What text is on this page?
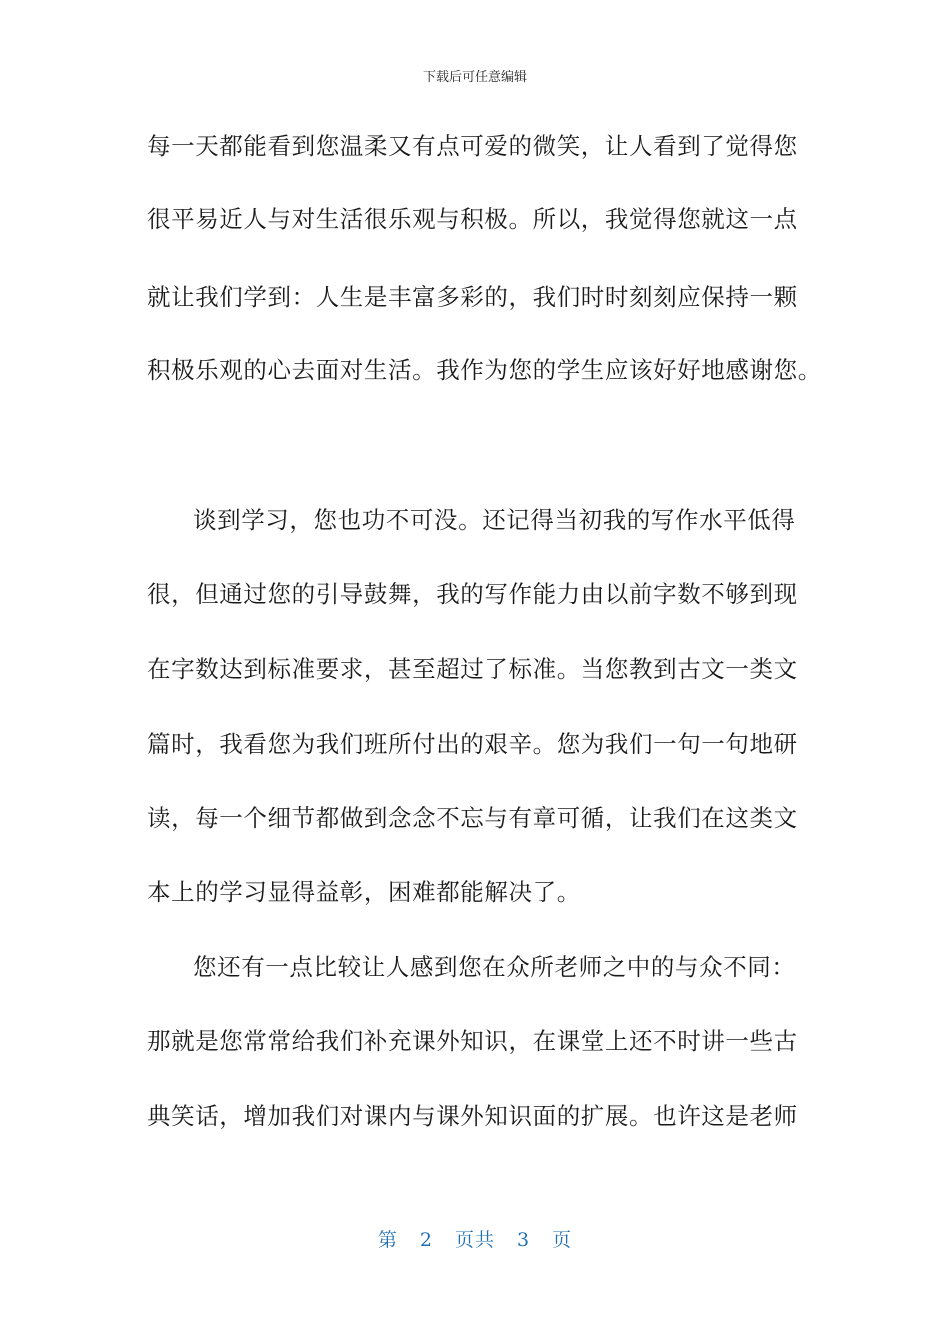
下载后可任意编辑
每一天都能看到您温柔又有点可爱的微笑，让人看到了觉得您
很平易近人与对生活很乐观与积极。所以，我觉得您就这一点
就让我们学到：人生是丰富多彩的，我们时时刻刻应保持一颗
积极乐观的心去面对生活。我作为您的学生应该好好地感谢您。
谈到学习，您也功不可没。还记得当初我的写作水平低得
很，但通过您的引导鼓舞，我的写作能力由以前字数不够到现
在字数达到标准要求，甚至超过了标准。当您教到古文一类文
篇时，我看您为我们班所付出的艰辛。您为我们一句一句地研
读，每一个细节都做到念念不忘与有章可循，让我们在这类文
本上的学习显得益彰，困难都能解决了。
您还有一点比较让人感到您在众所老师之中的与众不同：
那就是您常常给我们补充课外知识，在课堂上还不时讲一些古
典笑话，增加我们对课内与课外知识面的扩展。也许这是老师
第 2 页共 3 页
